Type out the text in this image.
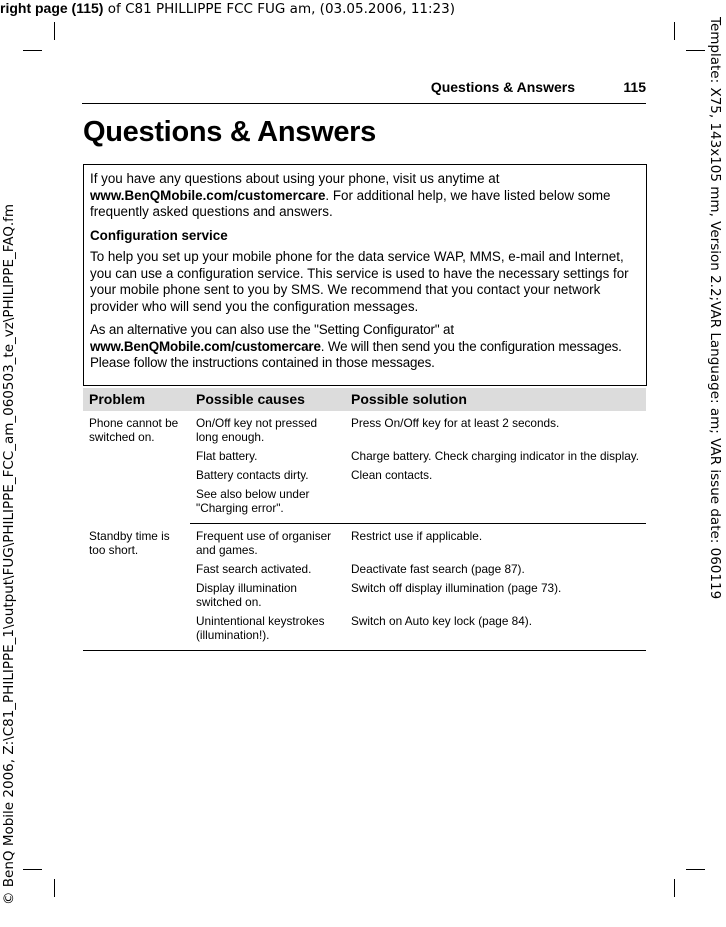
right page (115) of C81 PHILLIPPE FCC FUG am, (03.05.2006, 11:23)
© BenQ Mobile 2006, Z:\C81_PHILIPPE_1\output\FUG\PHILIPPE_FCC_am_060503_te_vz\PHILIPPE_FAQ.fm	Template: X75, 143x105 mm, Version 2.2;VAR Language: am; VAR issue date: 060119
Questions & Answers	115
Questions & Answers

If you have any questions about using your phone, visit us anytime at www.BenQMobile.com/customercare. For additional help, we have listed below some frequently asked questions and answers.

Configuration service

To help you set up your mobile phone for the data service WAP, MMS, e-mail and Internet, you can use a configuration service. This service is used to have the necessary settings for your mobile phone sent to you by SMS. We recommend that you contact your network provider who will send you the configuration messages.

As an alternative you can also use the "Setting Configurator" at www.BenQMobile.com/customercare. We will then send you the configuration messages. Please follow the instructions contained in those messages.

Problem	Possible causes	Possible solution
Phone cannot be switched on.	On/Off key not pressed long enough.	Press On/Off key for at least 2 seconds.
	Flat battery.	Charge battery. Check charging indicator in the display.
	Battery contacts dirty.	Clean contacts.
	See also below under "Charging error".	
Standby time is too short.	Frequent use of organiser and games.	Restrict use if applicable.
	Fast search activated.	Deactivate fast search (page 87).
	Display illumination switched on.	Switch off display illumination (page 73).
	Unintentional keystrokes (illumination!).	Switch on Auto key lock (page 84).
